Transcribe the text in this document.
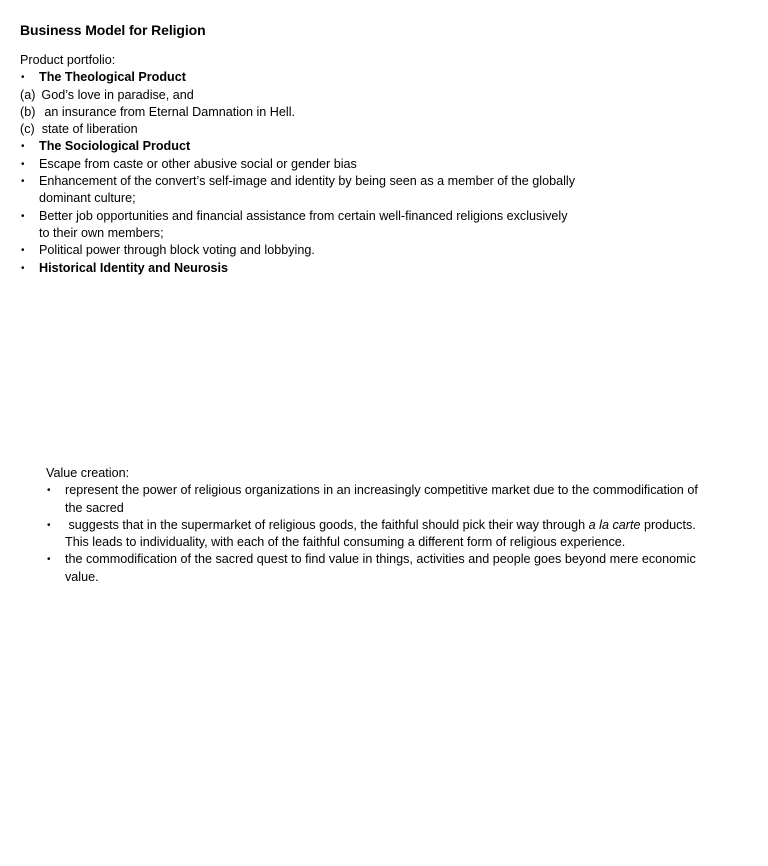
Business Model for Religion
Product portfolio:
•	The Theological Product
(a) God’s love in paradise, and
(b) an insurance from Eternal Damnation in Hell.
(c) state of liberation
•	The Sociological Product
•	Escape from caste or other abusive social or gender bias
•	Enhancement of the convert’s self-image and identity by being seen as a member of the globally dominant culture;
•	Better job opportunities and financial assistance from certain well-financed religions exclusively to their own members;
•	Political power through block voting and lobbying.
•	Historical Identity and Neurosis
Value creation:
•	represent the power of religious organizations in an increasingly competitive market due to the commodification of the sacred
•	suggests that in the supermarket of religious goods, the faithful should pick their way through a la carte products. This leads to individuality, with each of the faithful consuming a different form of religious experience.
•	the commodification of the sacred quest to find value in things, activities and people goes beyond mere economic value.
